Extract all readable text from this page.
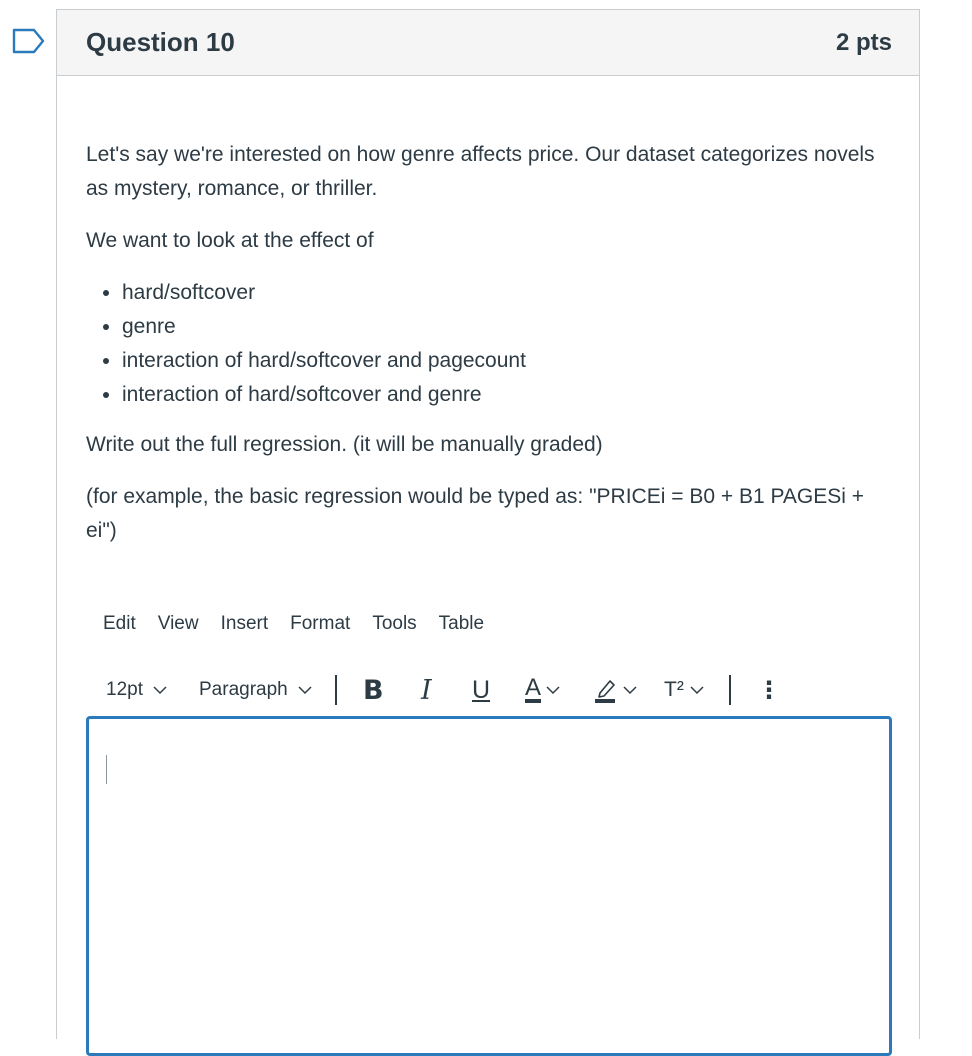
Question 10	2 pts

Let's say we're interested on how genre affects price. Our dataset categorizes novels as mystery, romance, or thriller.

We want to look at the effect of

• hard/softcover
• genre
• interaction of hard/softcover and pagecount
• interaction of hard/softcover and genre

Write out the full regression. (it will be manually graded)

(for example, the basic regression would be typed as: "PRICEi = B0 + B1 PAGESi + ei")

Edit View Insert Format Tools Table
12pt	Paragraph	B I U A	T²	⋮
